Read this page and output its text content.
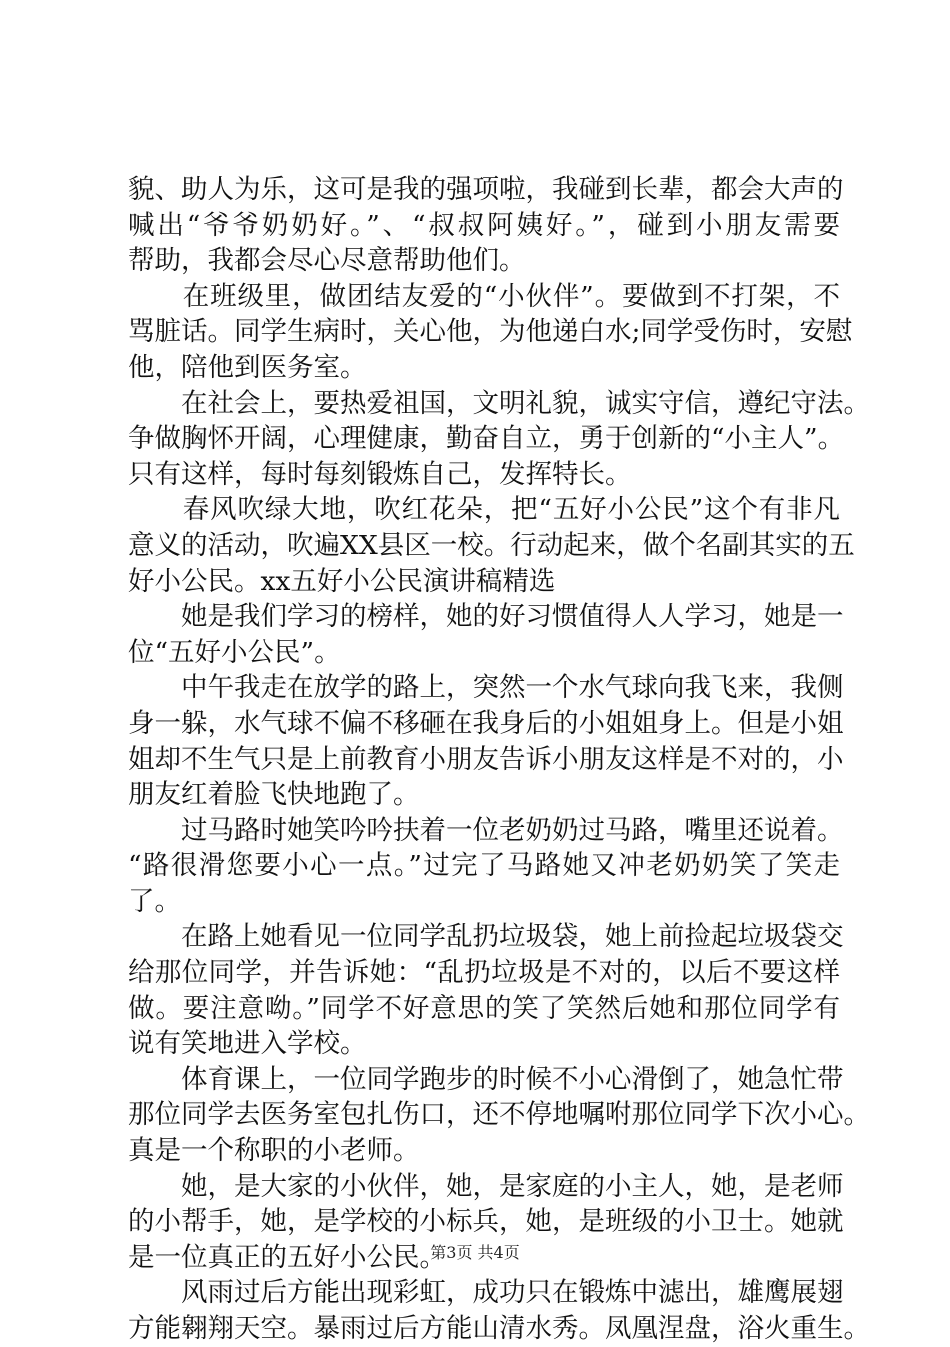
貌、助人为乐，这可是我的强项啦，我碰到长辈，都会大声的
喊出“爷爷奶奶好。”、“叔叔阿姨好。”，碰到小朋友需要
帮助，我都会尽心尽意帮助他们。
　　在班级里，做团结友爱的“小伙伴”。要做到不打架，不
骂脏话。同学生病时，关心他，为他递白水;同学受伤时，安慰
他，陪他到医务室。
　　在社会上，要热爱祖国，文明礼貌，诚实守信，遵纪守法。
争做胸怀开阔，心理健康，勤奋自立，勇于创新的“小主人”。
只有这样，每时每刻锻炼自己，发挥特长。
　　春风吹绿大地，吹红花朵，把“五好小公民”这个有非凡
意义的活动，吹遍XX县区一校。行动起来，做个名副其实的五
好小公民。xx五好小公民演讲稿精选
　　她是我们学习的榜样，她的好习惯值得人人学习，她是一
位“五好小公民”。
　　中午我走在放学的路上，突然一个水气球向我飞来，我侧
身一躲，水气球不偏不移砸在我身后的小姐姐身上。但是小姐
姐却不生气只是上前教育小朋友告诉小朋友这样是不对的，小
朋友红着脸飞快地跑了。
　　过马路时她笑吟吟扶着一位老奶奶过马路，嘴里还说着。
“路很滑您要小心一点。”过完了马路她又冲老奶奶笑了笑走
了。
　　在路上她看见一位同学乱扔垃圾袋，她上前捡起垃圾袋交
给那位同学，并告诉她：“乱扔垃圾是不对的，以后不要这样
做。要注意呦。”同学不好意思的笑了笑然后她和那位同学有
说有笑地进入学校。
　　体育课上，一位同学跑步的时候不小心滑倒了，她急忙带
那位同学去医务室包扎伤口，还不停地嘱咐那位同学下次小心。
真是一个称职的小老师。
　　她，是大家的小伙伴，她，是家庭的小主人，她，是老师
的小帮手，她，是学校的小标兵，她，是班级的小卫士。她就
是一位真正的五好小公民。
　　风雨过后方能出现彩虹，成功只在锻炼中滤出，雄鹰展翅
方能翱翔天空。暴雨过后方能山清水秀。凤凰涅盘，浴火重生。
第3页 共4页
